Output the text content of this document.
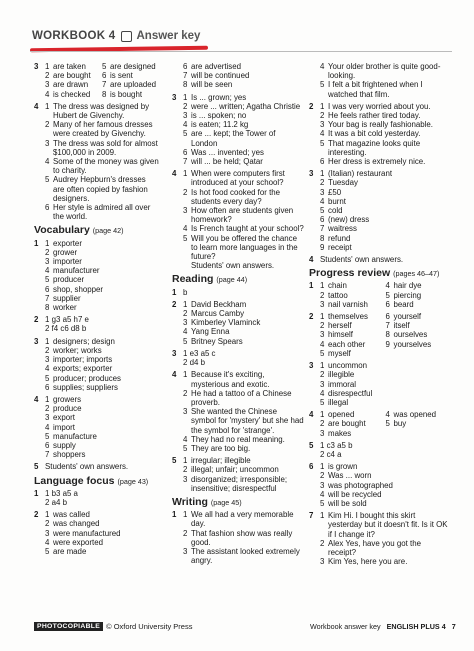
WORKBOOK 4 Answer key
3 1 are taken
2 are bought
3 are drawn
4 is checked
5 are designed
6 is sent
7 are uploaded
8 is bought
4 1 The dress was designed by Hubert de Givenchy.
2 Many of her famous dresses were created by Givenchy.
3 The dress was sold for almost $100,000 in 2009.
4 Some of the money was given to charity.
5 Audrey Hepburn's dresses are often copied by fashion designers.
6 Her style is admired all over the world.
Vocabulary (page 42)
1 1 exporter
2 grower
3 importer
4 manufacturer
5 producer
6 shop, shopper
7 supplier
8 worker
2 1 g 3 a 5 h 7 e
2 f 4 c 6 d 8 b
3 1 designers; design
2 worker; works
3 importer; imports
4 exports; exporter
5 producer; produces
6 supplies; suppliers
4 1 growers
2 produce
3 export
4 import
5 manufacture
6 supply
7 shoppers
5 Students' own answers.
Language focus (page 43)
1 1 b 3 a 5 a
2 a 4 b
2 1 was called
2 was changed
3 were manufactured
4 were exported
5 are made
6 are advertised
7 will be continued
8 will be seen
3 1 Is ... grown; yes
2 were ... written; Agatha Christie
3 is ... spoken; no
4 is eaten; 11.2 kg
5 are ... kept; the Tower of London
6 Was ... invented; yes
7 will ... be held; Qatar
4 1 When were computers first introduced at your school?
2 Is hot food cooked for the students every day?
3 How often are students given homework?
4 Is French taught at your school?
5 Will you be offered the chance to learn more languages in the future?
Students' own answers.
Reading (page 44)
1 b
2 1 David Beckham
2 Marcus Camby
3 Kimberley Vlaminck
4 Yang Enna
5 Britney Spears
3 1 e 3 a 5 c
2 d 4 b
4 1 Because it's exciting, mysterious and exotic.
2 He had a tattoo of a Chinese proverb.
3 She wanted the Chinese symbol for 'mystery' but she had the symbol for 'strange'.
4 They had no real meaning.
5 They are too big.
5 1 irregular; illegible
2 illegal; unfair; uncommon
3 disorganized; irresponsible; insensitive; disrespectful
Writing (page 45)
1 1 We all had a very memorable day.
2 That fashion show was really good.
3 The assistant looked extremely angry.
4 Your older brother is quite good-looking.
5 I felt a bit frightened when I watched that film.
2 1 I was very worried about you.
2 He feels rather tired today.
3 Your bag is really fashionable.
4 It was a bit cold yesterday.
5 That magazine looks quite interesting.
6 Her dress is extremely nice.
3 1 (Italian) restaurant
2 Tuesday
3 £50
4 burnt
5 cold
6 (new) dress
7 waitress
8 refund
9 receipt
4 Students' own answers.
Progress review (pages 46–47)
1 1 chain
2 tattoo
3 nail varnish
4 hair dye
5 piercing
6 beard
2 1 themselves
2 herself
3 himself
4 each other
5 myself
6 yourself
7 itself
8 ourselves
9 yourselves
3 1 uncommon
2 illegible
3 immoral
4 disrespectful
5 illegal
4 1 opened
2 are bought
3 makes
4 was opened
5 buy
5 1 c 3 a 5 b
2 c 4 a
6 1 is grown
2 Was ... worn
3 was photographed
4 will be recycled
5 will be sold
7 1 Kim Hi. I bought this skirt yesterday but it doesn't fit. Is it OK if I change it?
2 Alex Yes, have you got the receipt?
3 Kim Yes, here you are.
PHOTOCOPIABLE © Oxford University Press	Workbook answer key ENGLISH PLUS 4 7
